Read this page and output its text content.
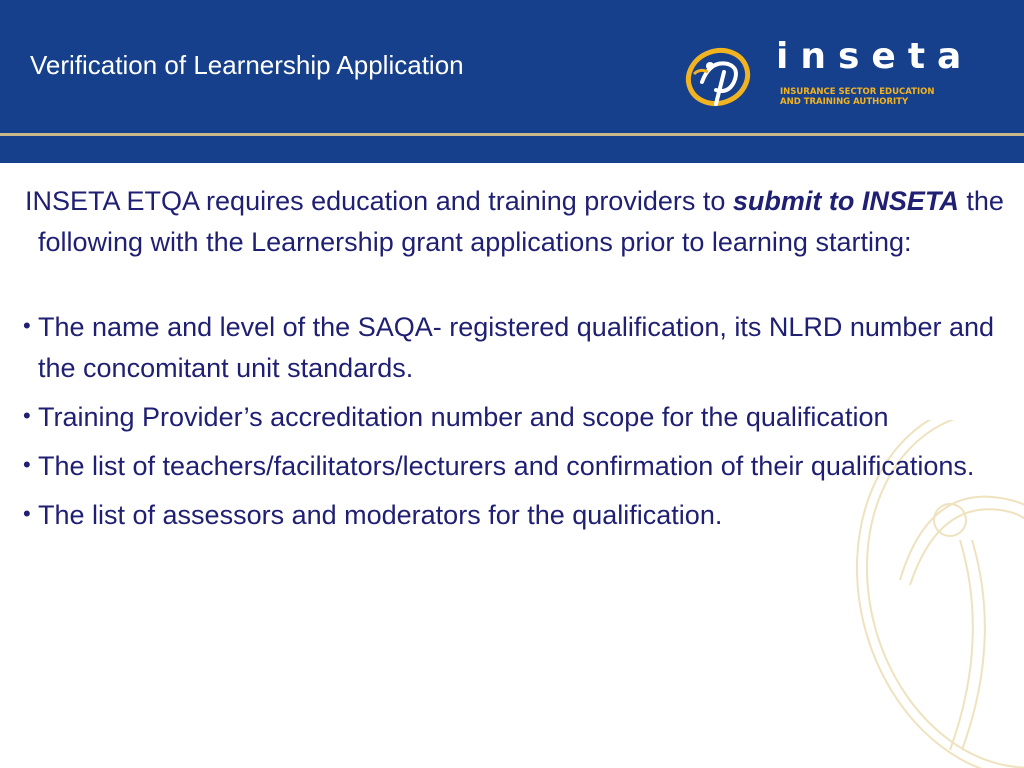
Verification of Learnership Application	inseta
INSURANCE SECTOR EDUCATION
AND TRAINING AUTHORITY

INSETA ETQA requires education and training providers to submit to INSETA the following with the Learnership grant applications prior to learning starting:

• The name and level of the SAQA- registered qualification, its NLRD number and the concomitant unit standards.
• Training Provider’s accreditation number and scope for the qualification
• The list of teachers/facilitators/lecturers and confirmation of their qualifications.
• The list of assessors and moderators for the qualification.
